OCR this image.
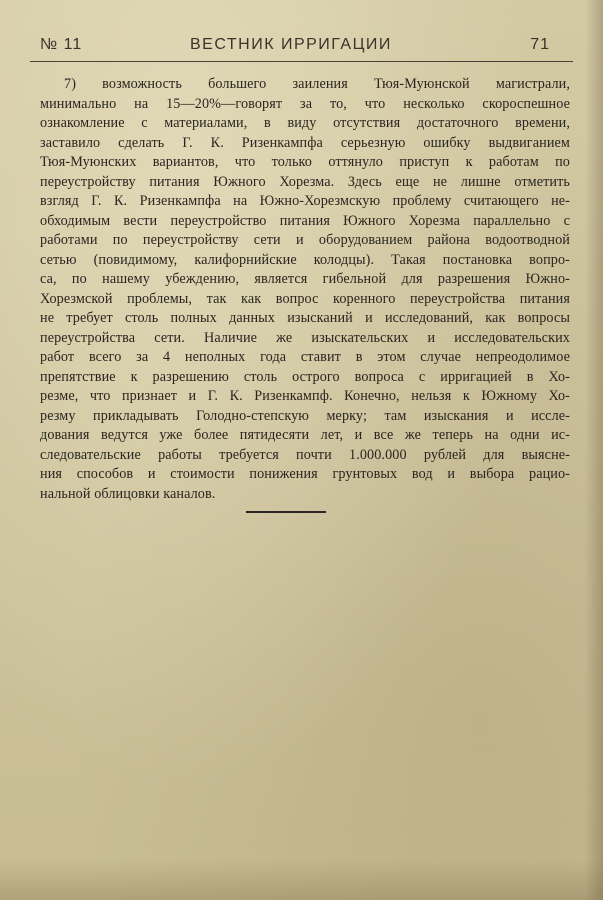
№ 11	ВЕСТНИК ИРРИГАЦИИ	71
7) возможность большего заиления Тюя-Муюнской магистрали,
минимально на 15—20%—говорят за то, что несколько скороспешное
ознакомление с материалами, в виду отсутствия достаточного времени,
заставило сделать Г. К. Ризенкампфа серьезную ошибку выдвиганием
Тюя-Муюнских вариантов, что только оттянуло приступ к работам по
переустройству питания Южного Хорезма. Здесь еще не лишне отметить
взгляд Г. К. Ризенкампфа на Южно-Хорезмскую проблему считающего не-
обходимым вести переустройство питания Южного Хорезма параллельно с
работами по переустройству сети и оборудованием района водоотводной
сетью (повидимому, калифорнийские колодцы). Такая постановка вопро-
са, по нашему убеждению, является гибельной для разрешения Южно-
Хорезмской проблемы, так как вопрос коренного переустройства питания
не требует столь полных данных изысканий и исследований, как вопросы
переустройства сети. Наличие же изыскательских и исследовательских
работ всего за 4 неполных года ставит в этом случае непреодолимое
препятствие к разрешению столь острого вопроса с ирригацией в Хо-
резме, что признает и Г. К. Ризенкампф. Конечно, нельзя к Южному Хо-
резму прикладывать Голодно-степскую мерку; там изыскания и иссле-
дования ведутся уже более пятидесяти лет, и все же теперь на одни ис-
следовательские работы требуется почти 1.000.000 рублей для выясне-
ния способов и стоимости понижения грунтовых вод и выбора рацио-
нальной облицовки каналов.
